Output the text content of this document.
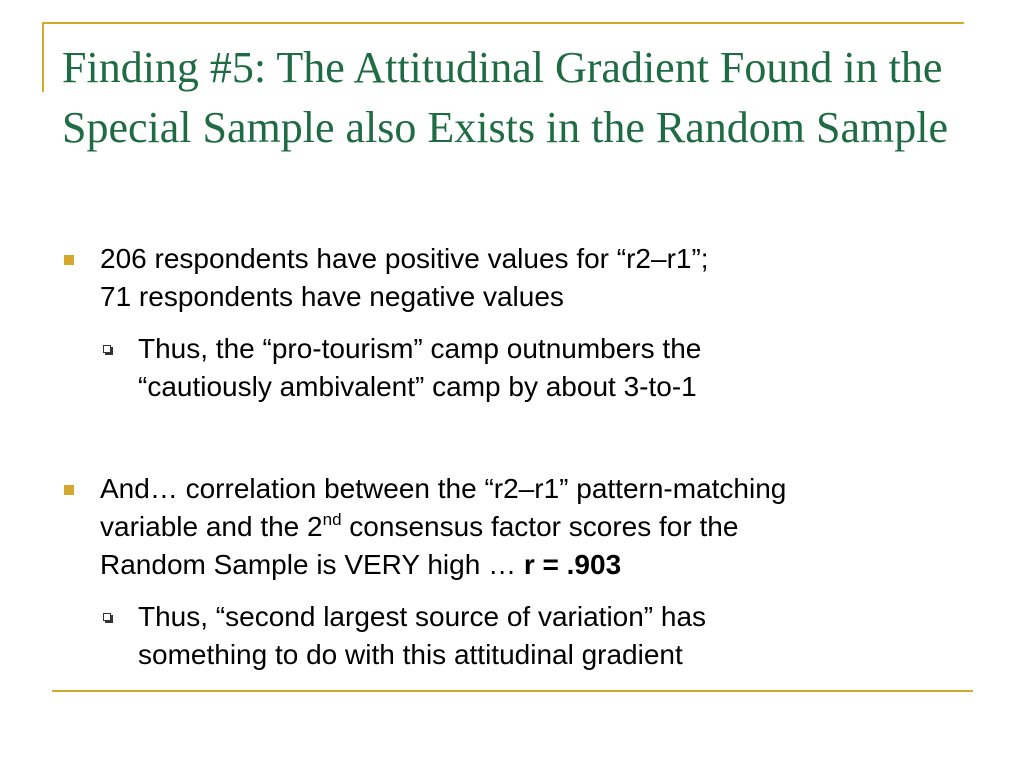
Finding #5: The Attitudinal Gradient Found in the Special Sample also Exists in the Random Sample
206 respondents have positive values for “r2–r1”;
71 respondents have negative values
Thus, the “pro-tourism” camp outnumbers the
“cautiously ambivalent” camp by about 3-to-1
And… correlation between the “r2–r1” pattern-matching
variable and the 2nd consensus factor scores for the
Random Sample is VERY high … r = .903
Thus, “second largest source of variation” has
something to do with this attitudinal gradient
